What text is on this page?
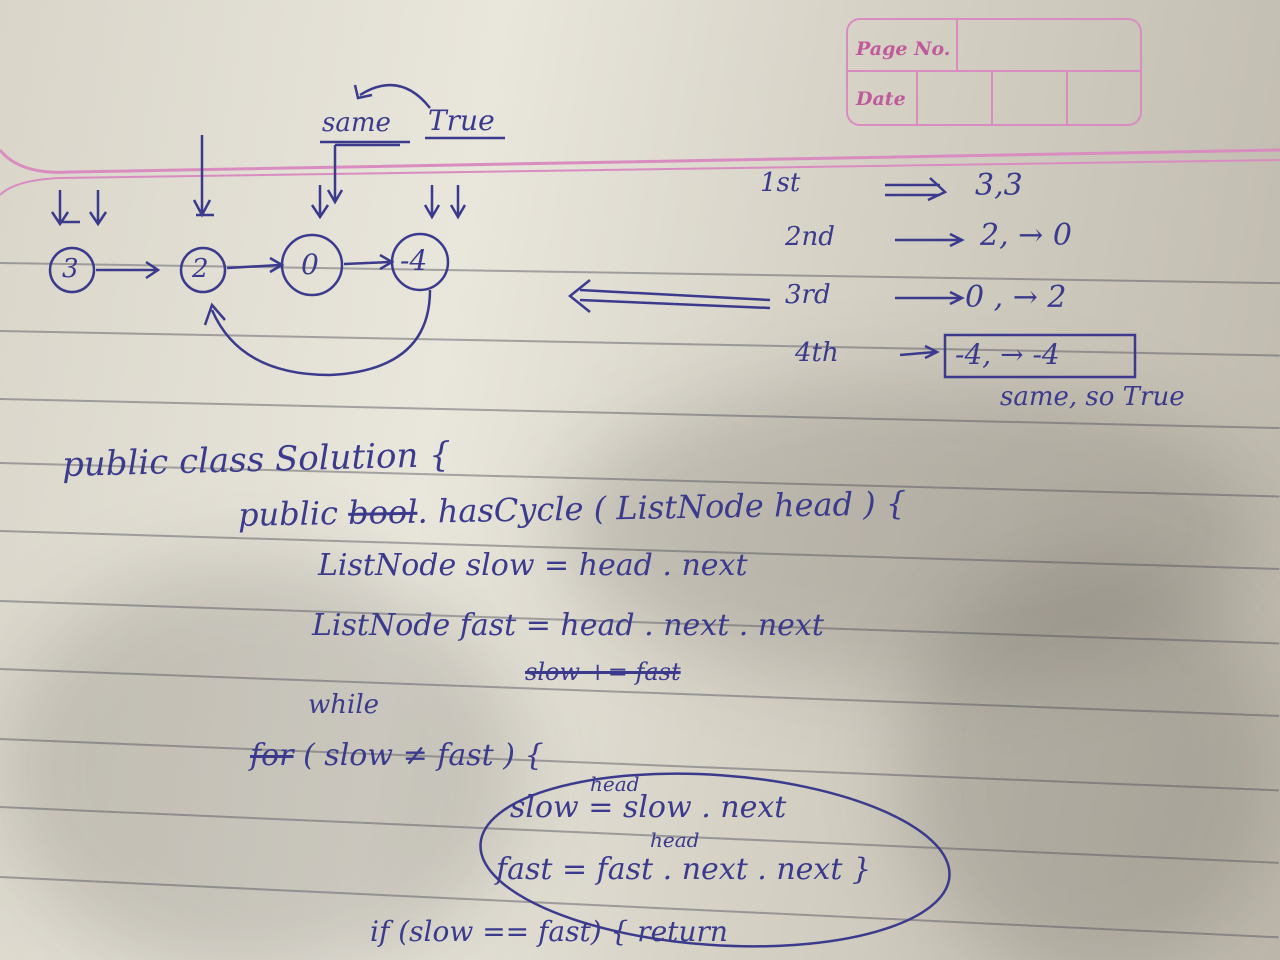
Page No.
Date
3	2	0	-4
same True
1st	3,3
2nd	2, → 0
3rd	0 , → 2
4th	-4, → -4
same, so True
public class Solution {
public bool. hasCycle ( ListNode head ) {
ListNode slow = head . next
ListNode fast = head . next . next
slow += fast
while
for ( slow ≠ fast ) {
head
slow = slow . next
head
fast = fast . next . next }
if (slow == fast) { return
